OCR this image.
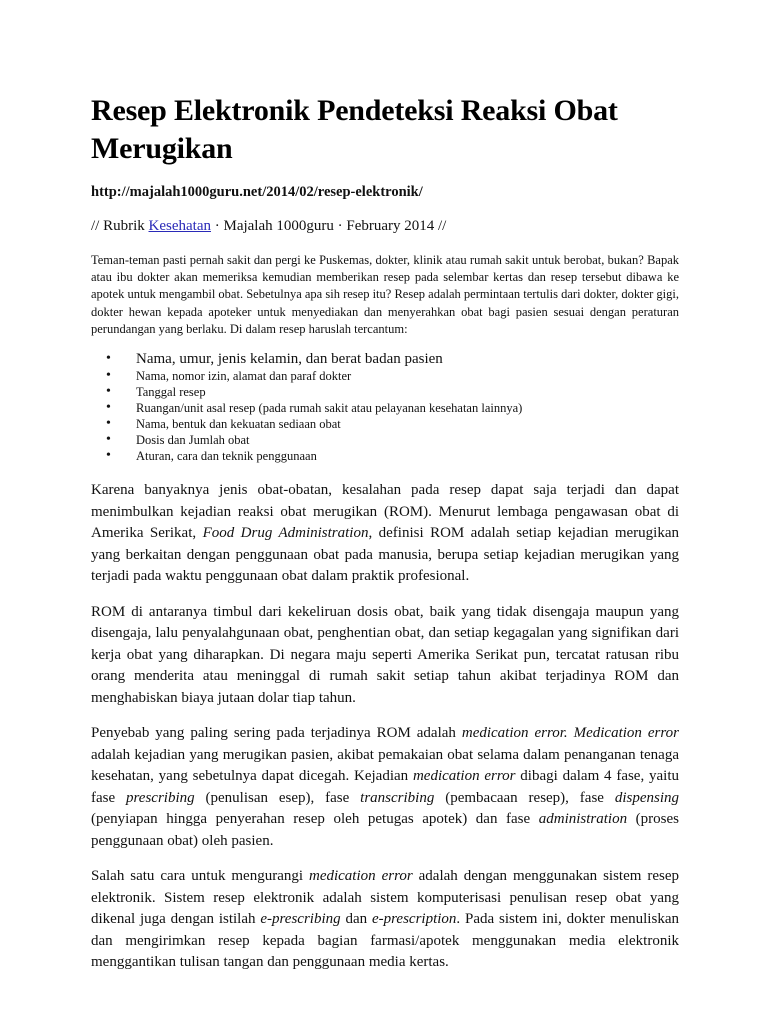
Resep Elektronik Pendeteksi Reaksi Obat Merugikan
http://majalah1000guru.net/2014/02/resep-elektronik/
// Rubrik Kesehatan · Majalah 1000guru · February 2014 //

Teman-teman pasti pernah sakit dan pergi ke Puskemas, dokter, klinik atau rumah sakit untuk berobat, bukan? Bapak atau ibu dokter akan memeriksa kemudian memberikan resep pada selembar kertas dan resep tersebut dibawa ke apotek untuk mengambil obat. Sebetulnya apa sih resep itu? Resep adalah permintaan tertulis dari dokter, dokter gigi, dokter hewan kepada apoteker untuk menyediakan dan menyerahkan obat bagi pasien sesuai dengan peraturan perundangan yang berlaku. Di dalam resep haruslah tercantum:

• Nama, umur, jenis kelamin, dan berat badan pasien
• Nama, nomor izin, alamat dan paraf dokter
• Tanggal resep
• Ruangan/unit asal resep (pada rumah sakit atau pelayanan kesehatan lainnya)
• Nama, bentuk dan kekuatan sediaan obat
• Dosis dan Jumlah obat
• Aturan, cara dan teknik penggunaan

Karena banyaknya jenis obat-obatan, kesalahan pada resep dapat saja terjadi dan dapat menimbulkan kejadian reaksi obat merugikan (ROM). Menurut lembaga pengawasan obat di Amerika Serikat, Food Drug Administration, definisi ROM adalah setiap kejadian merugikan yang berkaitan dengan penggunaan obat pada manusia, berupa setiap kejadian merugikan yang terjadi pada waktu penggunaan obat dalam praktik profesional.

ROM di antaranya timbul dari kekeliruan dosis obat, baik yang tidak disengaja maupun yang disengaja, lalu penyalahgunaan obat, penghentian obat, dan setiap kegagalan yang signifikan dari kerja obat yang diharapkan. Di negara maju seperti Amerika Serikat pun, tercatat ratusan ribu orang menderita atau meninggal di rumah sakit setiap tahun akibat terjadinya ROM dan menghabiskan biaya jutaan dolar tiap tahun.

Penyebab yang paling sering pada terjadinya ROM adalah medication error. Medication error adalah kejadian yang merugikan pasien, akibat pemakaian obat selama dalam penanganan tenaga kesehatan, yang sebetulnya dapat dicegah. Kejadian medication error dibagi dalam 4 fase, yaitu fase prescribing (penulisan esep), fase transcribing (pembacaan resep), fase dispensing (penyiapan hingga penyerahan resep oleh petugas apotek) dan fase administration (proses penggunaan obat) oleh pasien.

Salah satu cara untuk mengurangi medication error adalah dengan menggunakan sistem resep elektronik. Sistem resep elektronik adalah sistem komputerisasi penulisan resep obat yang dikenal juga dengan istilah e-prescribing dan e-prescription. Pada sistem ini, dokter menuliskan dan mengirimkan resep kepada bagian farmasi/apotek menggunakan media elektronik menggantikan tulisan tangan dan penggunaan media kertas.
